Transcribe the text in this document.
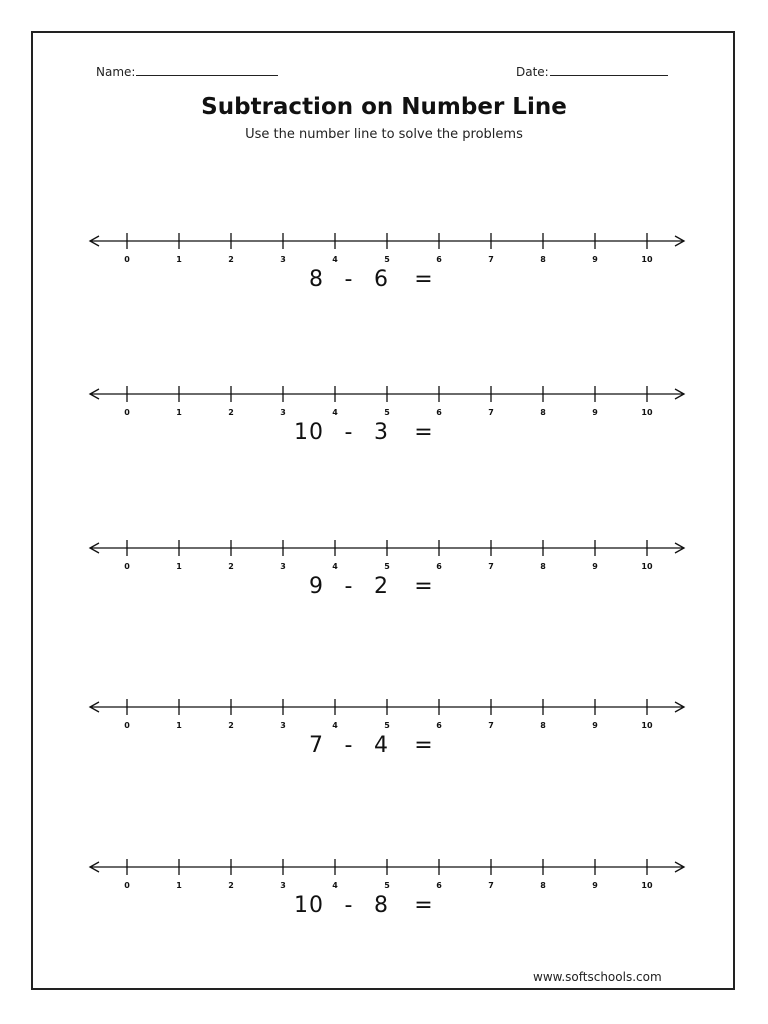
Name:	Date:
Subtraction on Number Line
Use the number line to solve the problems
0	1	2	3	4	5	6	7	8	9	10
8 - 6 =
0	1	2	3	4	5	6	7	8	9	10
10 - 3 =
0	1	2	3	4	5	6	7	8	9	10
9 - 2 =
0	1	2	3	4	5	6	7	8	9	10
7 - 4 =
0	1	2	3	4	5	6	7	8	9	10
10 - 8 =
www.softschools.com
